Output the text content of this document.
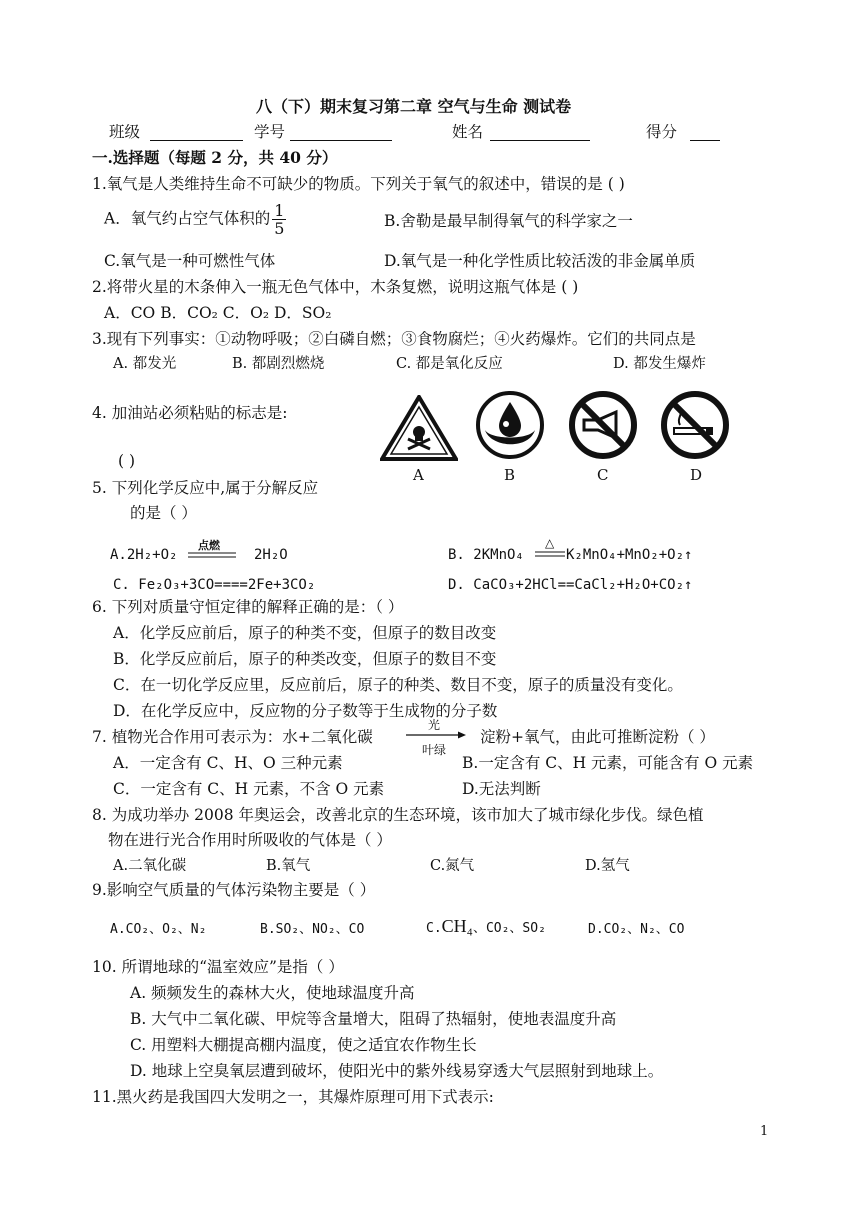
八（下）期末复习第二章 空气与生命 测试卷
班级	学号	姓名	得分
一.选择题（每题 2 分，共 40 分）
1.氧气是人类维持生命不可缺少的物质。下列关于氧气的叙述中，错误的是 ( )
A．氧气约占空气体积的 $\frac{1}{5}$	B.舍勒是最早制得氧气的科学家之一
C.氧气是一种可燃性气体	D.氧气是一种化学性质比较活泼的非金属单质
2.将带火星的木条伸入一瓶无色气体中，木条复燃，说明这瓶气体是 ( )
A．CO B．CO₂ C．O₂ D．SO₂
3.现有下列事实：①动物呼吸；②白磷自燃；③食物腐烂；④火药爆炸。它们的共同点是
A. 都发光	B. 都剧烈燃烧	C. 都是氧化反应	D. 都发生爆炸
4. 加油站必须粘贴的标志是:
( )
A	B	C	D
5. 下列化学反应中,属于分解反应
的是（ ）
A.2H₂+O₂
点燃
2H₂O	B. 2KMnO₄
△
K₂MnO₄+MnO₂+O₂↑
C. Fe₂O₃+3CO====2Fe+3CO₂	D. CaCO₃+2HCl==CaCl₂+H₂O+CO₂↑
6. 下列对质量守恒定律的解释正确的是：（ ）
A．化学反应前后，原子的种类不变，但原子的数目改变
B．化学反应前后，原子的种类改变，但原子的数目不变
C．在一切化学反应里，反应前后，原子的种类、数目不变，原子的质量没有变化。
D．在化学反应中，反应物的分子数等于生成物的分子数
7. 植物光合作用可表示为：水+二氧化碳
光
叶绿
淀粉+氧气，由此可推断淀粉（ ）
A．一定含有 C、H、O 三种元素	B.一定含有 C、H 元素，可能含有 O 元素
C．一定含有 C、H 元素，不含 O 元素	D.无法判断
8. 为成功举办 2008 年奥运会，改善北京的生态环境，该市加大了城市绿化步伐。绿色植
物在进行光合作用时所吸收的气体是（ ）
A.二氧化碳	B.氧气	C.氮气	D.氢气
9.影响空气质量的气体污染物主要是（ ）
A.CO₂、O₂、N₂	B.SO₂、NO₂、CO	C.CH₄、CO₂、SO₂	D.CO₂、N₂、CO
10. 所谓地球的“温室效应”是指（ ）
A. 频频发生的森林大火，使地球温度升高
B. 大气中二氧化碳、甲烷等含量增大，阻碍了热辐射，使地表温度升高
C. 用塑料大棚提高棚内温度，使之适宜农作物生长
D. 地球上空臭氧层遭到破坏，使阳光中的紫外线易穿透大气层照射到地球上。
11.黑火药是我国四大发明之一，其爆炸原理可用下式表示:
1
